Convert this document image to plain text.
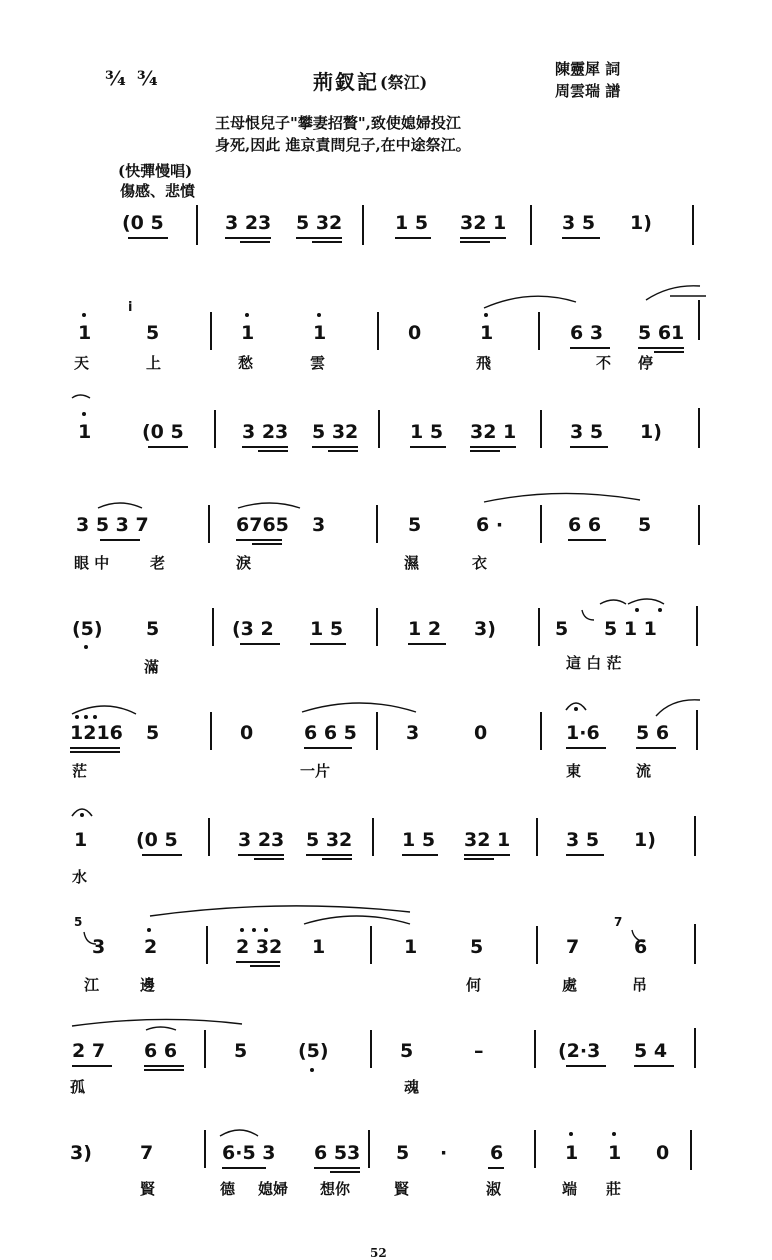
¾ ¾	荊釵記 (祭江)
陳靈犀 詞
周雲瑞 譜
王母恨兒子"攀妻招贅",致使媳婦投江
身死,因此 進京責問兒子,在中途祭江。
(快彈慢唱)
傷感、悲憤
(0 5	3 23 5 32	1 5 32 1	3 5 1)
1
i
5	1	1	0	1	6 3 5 61
天	上	愁	雲	飛	不 停
1	(0 5	3 23 5 32	1 5 32 1	3 5 1)
3 5 3 7	6765 3	5	6 ·	6 6 5
眼 中	老	淚	濕	衣
(5) 5	(3 2 1 5	1 2 3)	5 5 1 1
滿	這 白 茫
1216 5	0	6 6 5	3	0	1·6 5 6
茫	一片	東	流
1	(0 5	3 23 5 32	1 5 32 1	3 5 1)
水
5
3 2	2 32 1	1	5	7
7
6
江	邊	何	處	吊
2 7 6 6	5	(5)	5	–	(2·3 5 4
孤	魂
3)	7	6·5 3 6 53 5 · 6	1 1 0
賢	德 媳婦 想你	賢	淑	端 莊
52
